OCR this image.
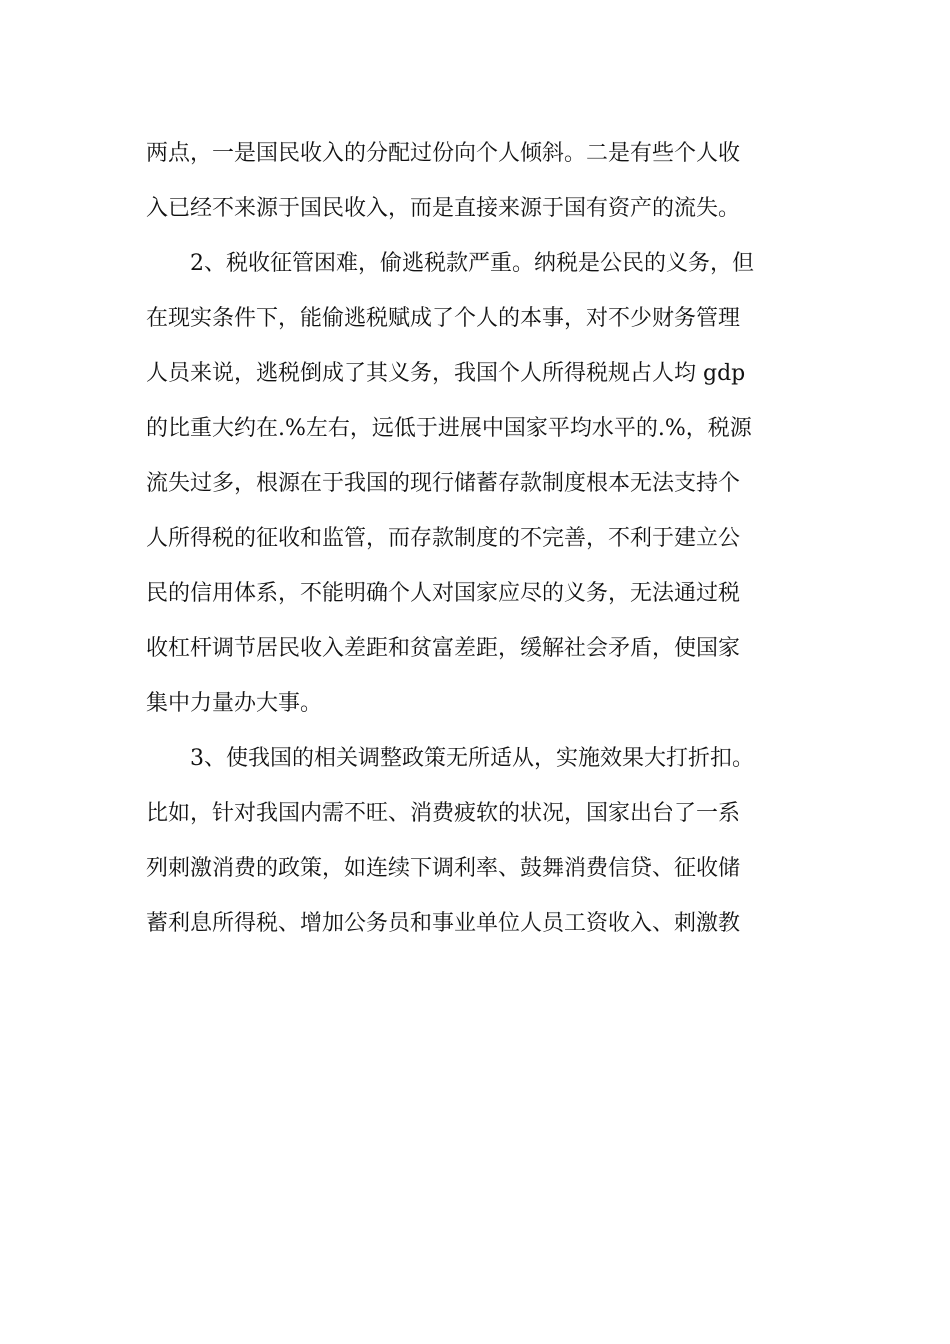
两点，一是国民收入的分配过份向个人倾斜。二是有些个人收
入已经不来源于国民收入，而是直接来源于国有资产的流失。
2、税收征管困难，偷逃税款严重。纳税是公民的义务，但
在现实条件下，能偷逃税赋成了个人的本事，对不少财务管理
人员来说，逃税倒成了其义务，我国个人所得税规占人均 gdp
的比重大约在.%左右，远低于进展中国家平均水平的.%，税源
流失过多，根源在于我国的现行储蓄存款制度根本无法支持个
人所得税的征收和监管，而存款制度的不完善，不利于建立公
民的信用体系，不能明确个人对国家应尽的义务，无法通过税
收杠杆调节居民收入差距和贫富差距，缓解社会矛盾，使国家
集中力量办大事。
3、使我国的相关调整政策无所适从，实施效果大打折扣。
比如，针对我国内需不旺、消费疲软的状况，国家出台了一系
列刺激消费的政策，如连续下调利率、鼓舞消费信贷、征收储
蓄利息所得税、增加公务员和事业单位人员工资收入、刺激教
